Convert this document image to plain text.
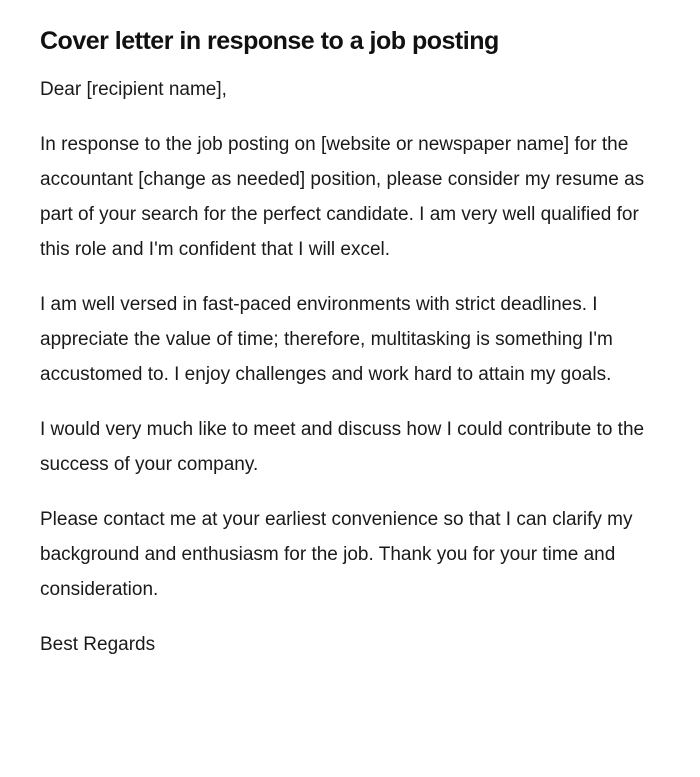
Cover letter in response to a job posting

Dear [recipient name],

In response to the job posting on [website or newspaper name] for the accountant [change as needed] position, please consider my resume as part of your search for the perfect candidate. I am very well qualified for this role and I'm confident that I will excel.

I am well versed in fast-paced environments with strict deadlines. I appreciate the value of time; therefore, multitasking is something I'm accustomed to. I enjoy challenges and work hard to attain my goals.

I would very much like to meet and discuss how I could contribute to the success of your company.

Please contact me at your earliest convenience so that I can clarify my background and enthusiasm for the job. Thank you for your time and consideration.

Best Regards
